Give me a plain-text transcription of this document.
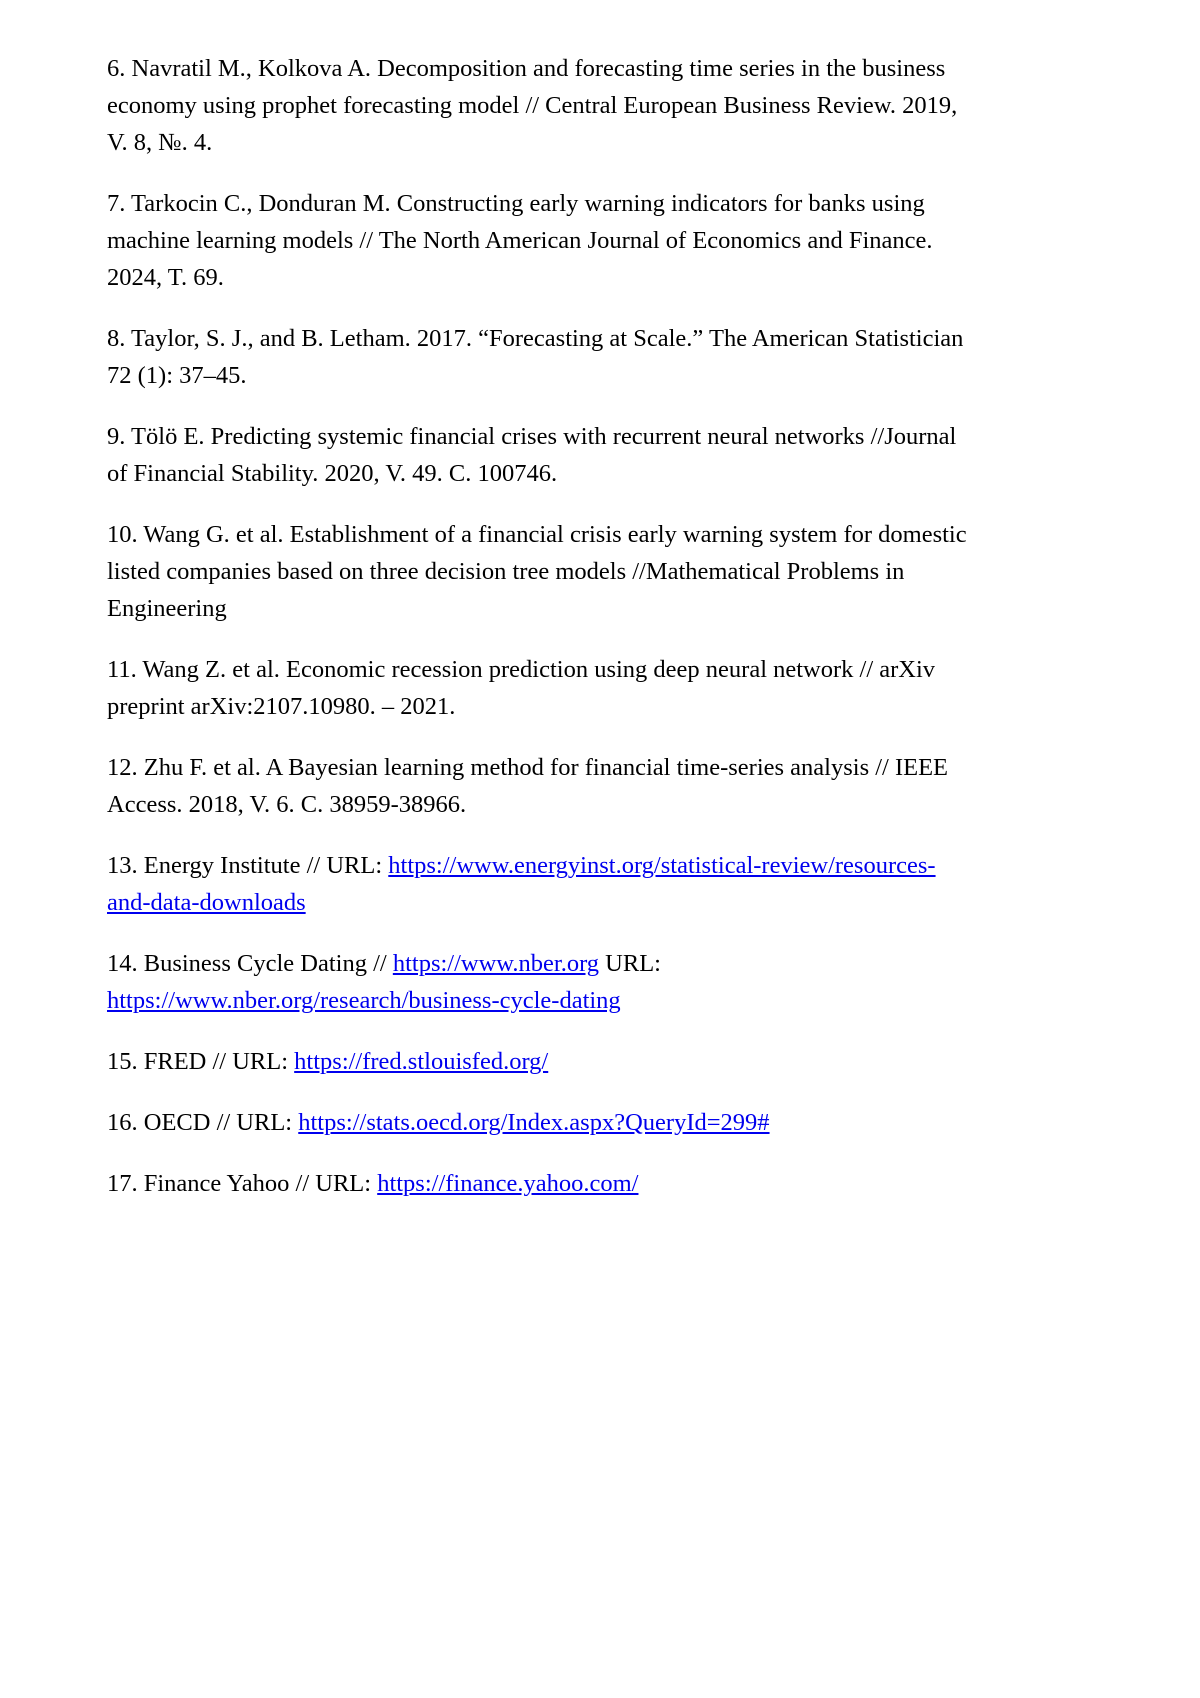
6. Navratil M., Kolkova A. Decomposition and forecasting time series in the business
economy using prophet forecasting model // Central European Business Review. 2019,
V. 8, №. 4.

7. Tarkocin C., Donduran M. Constructing early warning indicators for banks using
machine learning models // The North American Journal of Economics and Finance.
2024, T. 69.

8. Taylor, S. J., and B. Letham. 2017. “Forecasting at Scale.” The American Statistician
72 (1): 37–45.

9. Tölö E. Predicting systemic financial crises with recurrent neural networks //Journal
of Financial Stability. 2020, V. 49. C. 100746.

10. Wang G. et al. Establishment of a financial crisis early warning system for domestic
listed companies based on three decision tree models //Mathematical Problems in
Engineering

11. Wang Z. et al. Economic recession prediction using deep neural network // arXiv
preprint arXiv:2107.10980. – 2021.

12. Zhu F. et al. A Bayesian learning method for financial time-series analysis // IEEE
Access. 2018, V. 6. C. 38959-38966.

13. Energy Institute // URL: https://www.energyinst.org/statistical-review/resources-
and-data-downloads

14. Business Cycle Dating // https://www.nber.org URL:
https://www.nber.org/research/business-cycle-dating

15. FRED // URL: https://fred.stlouisfed.org/

16. OECD // URL: https://stats.oecd.org/Index.aspx?QueryId=299#

17. Finance Yahoo // URL: https://finance.yahoo.com/
